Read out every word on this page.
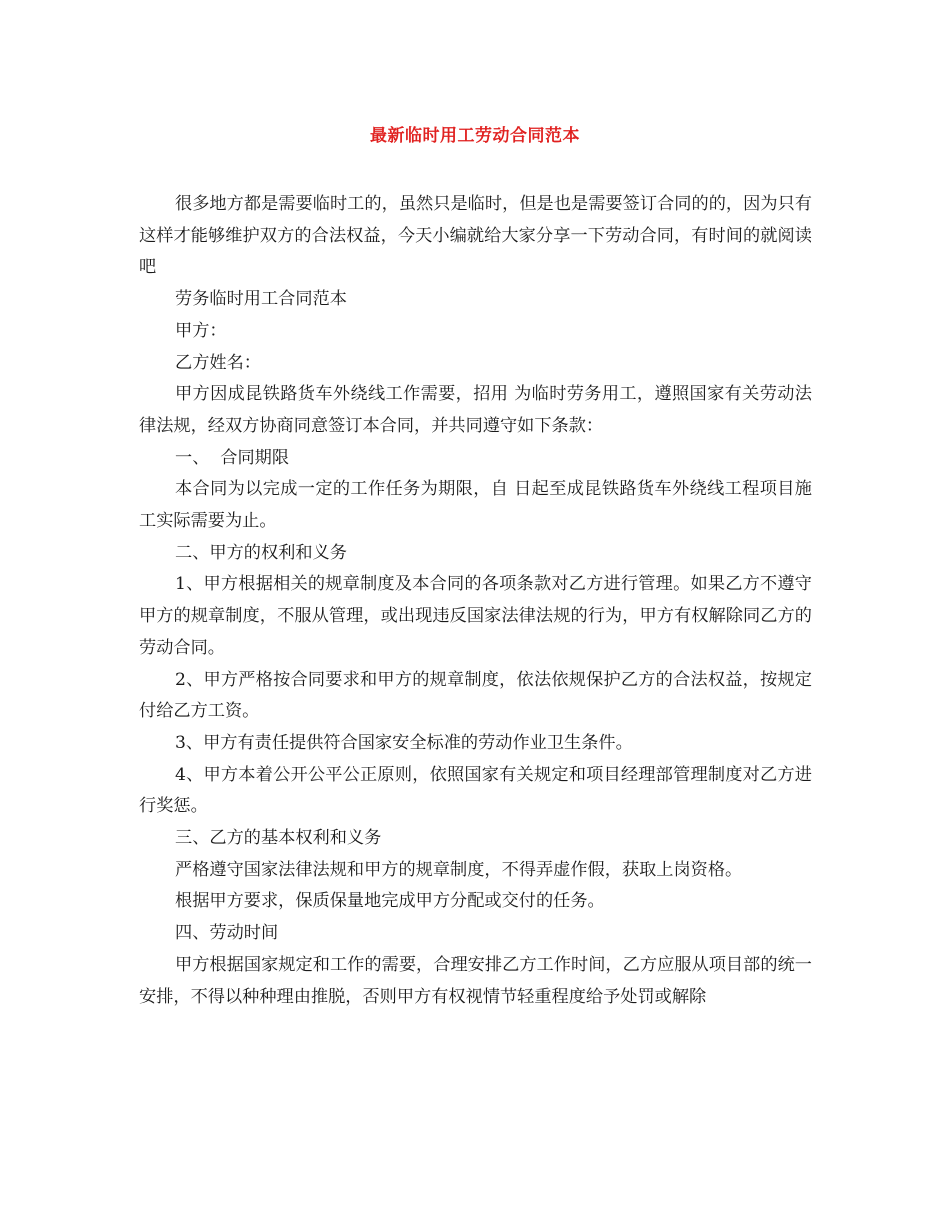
最新临时用工劳动合同范本

很多地方都是需要临时工的，虽然只是临时，但是也是需要签订合同的的，因为只有这样才能够维护双方的合法权益，今天小编就给大家分享一下劳动合同，有时间的就阅读吧

劳务临时用工合同范本

甲方：

乙方姓名：

甲方因成昆铁路货车外绕线工作需要，招用 为临时劳务用工，遵照国家有关劳动法律法规，经双方协商同意签订本合同，并共同遵守如下条款：

一、  合同期限

本合同为以完成一定的工作任务为期限，自 日起至成昆铁路货车外绕线工程项目施工实际需要为止。

二、甲方的权利和义务

1、甲方根据相关的规章制度及本合同的各项条款对乙方进行管理。如果乙方不遵守甲方的规章制度，不服从管理，或出现违反国家法律法规的行为，甲方有权解除同乙方的劳动合同。

2、甲方严格按合同要求和甲方的规章制度，依法依规保护乙方的合法权益，按规定付给乙方工资。

3、甲方有责任提供符合国家安全标准的劳动作业卫生条件。

4、甲方本着公开公平公正原则，依照国家有关规定和项目经理部管理制度对乙方进行奖惩。

三、乙方的基本权利和义务

严格遵守国家法律法规和甲方的规章制度，不得弄虚作假，获取上岗资格。

根据甲方要求，保质保量地完成甲方分配或交付的任务。

四、劳动时间

甲方根据国家规定和工作的需要，合理安排乙方工作时间，乙方应服从项目部的统一安排，不得以种种理由推脱，否则甲方有权视情节轻重程度给予处罚或解除
